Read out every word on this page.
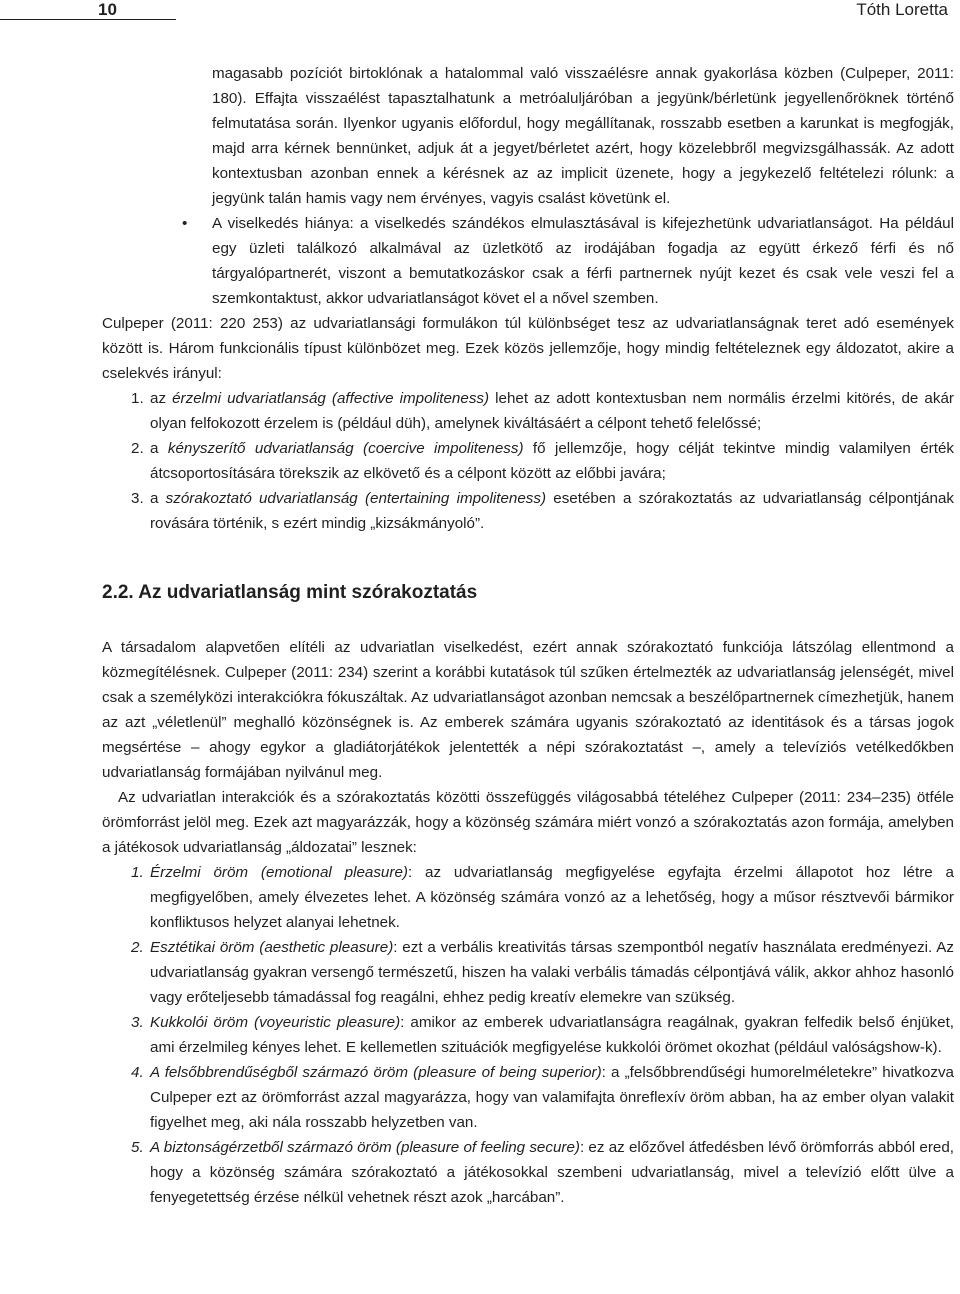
10	Tóth Loretta

magasabb pozíciót birtoklónak a hatalommal való visszaélésre annak gyakorlása közben (Culpeper, 2011: 180). Effajta visszaélést tapasztalhatunk a metróaluljáróban a jegyünk/bérletünk jegyellenőröknek történő felmutatása során. Ilyenkor ugyanis előfordul, hogy megállítanak, rosszabb esetben a karunkat is megfogják, majd arra kérnek bennünket, adjuk át a jegyet/bérletet azért, hogy közelebbről megvizsgálhassák. Az adott kontextusban azonban ennek a kérésnek az az implicit üzenete, hogy a jegykezelő feltételezi rólunk: a jegyünk talán hamis vagy nem érvényes, vagyis csalást követünk el.

• A viselkedés hiánya: a viselkedés szándékos elmulasztásával is kifejezhetünk udvariatlanságot. Ha például egy üzleti találkozó alkalmával az üzletkötő az irodájában fogadja az együtt érkező férfi és nő tárgyalópartnerét, viszont a bemutatkozáskor csak a férfi partnernek nyújt kezet és csak vele veszi fel a szemkontaktust, akkor udvariatlanságot követ el a nővel szemben.

Culpeper (2011: 220 253) az udvariatlansági formulákon túl különbséget tesz az udvariatlanságnak teret adó események között is. Három funkcionális típust különbözet meg. Ezek közös jellemzője, hogy mindig feltételeznek egy áldozatot, akire a cselekvés irányul:

1. az érzelmi udvariatlanság (affective impoliteness) lehet az adott kontextusban nem normális érzelmi kitörés, de akár olyan felfokozott érzelem is (például düh), amelynek kiváltásáért a célpont tehető felelőssé;
2. a kényszerítő udvariatlanság (coercive impoliteness) fő jellemzője, hogy célját tekintve mindig valamilyen érték átcsoportosítására törekszik az elkövető és a célpont között az előbbi javára;
3. a szórakoztató udvariatlanság (entertaining impoliteness) esetében a szórakoztatás az udvariatlanság célpontjának rovására történik, s ezért mindig „kizsákmányoló”.
2.2. Az udvariatlanság mint szórakoztatás

A társadalom alapvetően elítéli az udvariatlan viselkedést, ezért annak szórakoztató funkciója látszólag ellentmond a közmegítélésnek. Culpeper (2011: 234) szerint a korábbi kutatások túl szűken értelmezték az udvariatlanság jelenségét, mivel csak a személyközi interakciókra fókuszáltak. Az udvariatlanságot azonban nemcsak a beszélőpartnernek címezhetjük, hanem az azt „véletlenül” meghalló közönségnek is. Az emberek számára ugyanis szórakoztató az identitások és a társas jogok megsértése – ahogy egykor a gladiátorjátékok jelentették a népi szórakoztatást –, amely a televíziós vetélkedőkben udvariatlanság formájában nyilvánul meg.

Az udvariatlan interakciók és a szórakoztatás közötti összefüggés világosabbá tételéhez Culpeper (2011: 234–235) ötféle örömforrást jelöl meg. Ezek azt magyarázzák, hogy a közönség számára miért vonzó a szórakoztatás azon formája, amelyben a játékosok udvariatlanság „áldozatai” lesznek:

1. Érzelmi öröm (emotional pleasure): az udvariatlanság megfigyelése egyfajta érzelmi állapotot hoz létre a megfigyelőben, amely élvezetes lehet. A közönség számára vonzó az a lehetőség, hogy a műsor résztvevői bármikor konfliktusos helyzet alanyai lehetnek.
2. Esztétikai öröm (aesthetic pleasure): ezt a verbális kreativitás társas szempontból negatív használata eredményezi. Az udvariatlanság gyakran versengő természetű, hiszen ha valaki verbális támadás célpontjává válik, akkor ahhoz hasonló vagy erőteljesebb támadással fog reagálni, ehhez pedig kreatív elemekre van szükség.
3. Kukkolói öröm (voyeuristic pleasure): amikor az emberek udvariatlanságra reagálnak, gyakran felfedik belső énjüket, ami érzelmileg kényes lehet. E kellemetlen szituációk megfigyelése kukkolói örömet okozhat (például valóságshow-k).
4. A felsőbbrendűségből származó öröm (pleasure of being superior): a „felsőbbrendűségi humorelméletekre” hivatkozva Culpeper ezt az örömforrást azzal magyarázza, hogy van valamifajta önreflexív öröm abban, ha az ember olyan valakit figyelhet meg, aki nála rosszabb helyzetben van.
5. A biztonságérzetből származó öröm (pleasure of feeling secure): ez az előzővel átfedésben lévő örömforrás abból ered, hogy a közönség számára szórakoztató a játékosokkal szembeni udvariatlanság, mivel a televízió előtt ülve a fenyegetettség érzése nélkül vehetnek részt azok „harcában”.
